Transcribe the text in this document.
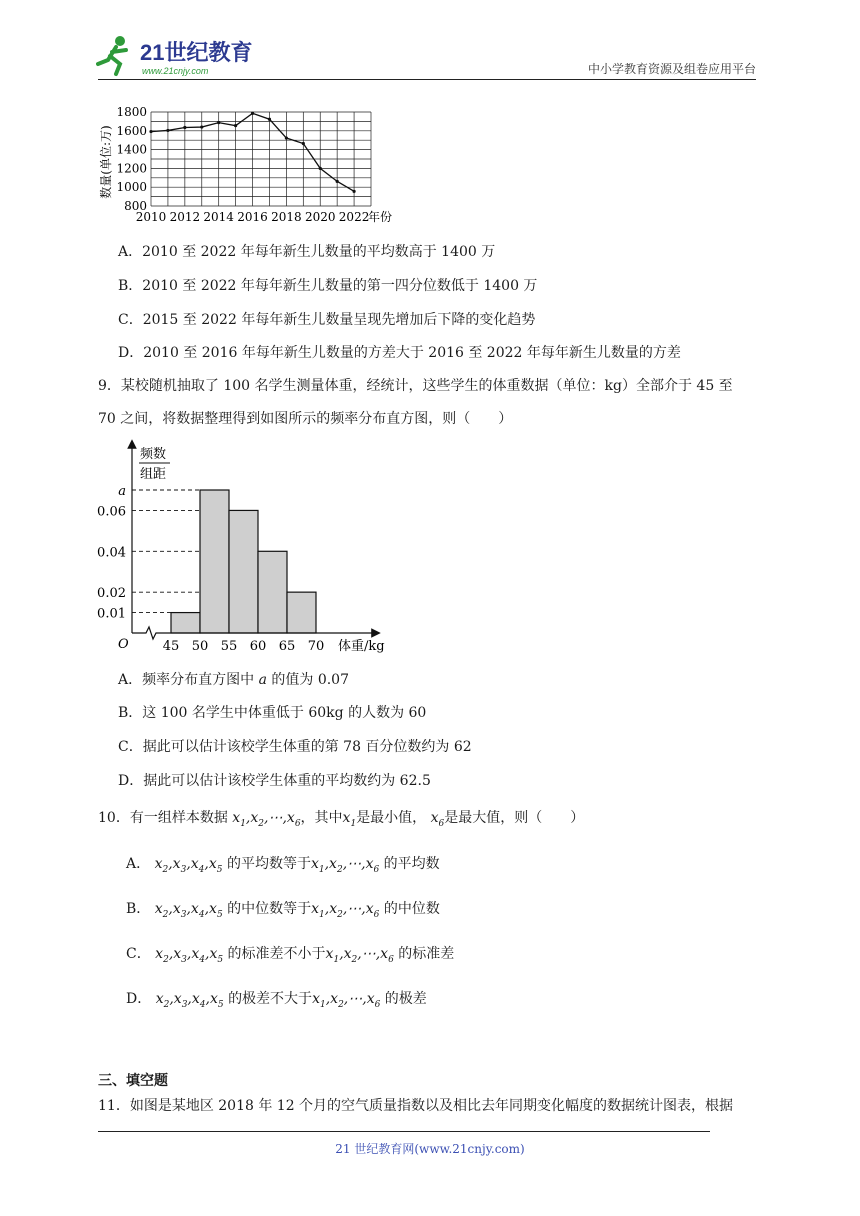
21世纪教育
www.21cnjy.com	中小学教育资源及组卷应用平台
800
1000
1200
1400
1600
1800
2010 2012 2014 2016 2018 2020 2022
数量(单位:万)
年份
A．2010 至 2022 年每年新生儿数量的平均数高于 1400 万
B．2010 至 2022 年每年新生儿数量的第一四分位数低于 1400 万
C．2015 至 2022 年每年新生儿数量呈现先增加后下降的变化趋势
D．2010 至 2016 年每年新生儿数量的方差大于 2016 至 2022 年每年新生儿数量的方差
9．某校随机抽取了 100 名学生测量体重，经统计，这些学生的体重数据（单位：kg）全部介于 45 至
70 之间，将数据整理得到如图所示的频率分布直方图，则（　　）
0.01
0.02
0.04
0.06
a
45 50 55 60 65 70
O
频数
组距
体重/kg
A．频率分布直方图中 a 的值为 0.07
B．这 100 名学生中体重低于 60kg 的人数为 60
C．据此可以估计该校学生体重的第 78 百分位数约为 62
D．据此可以估计该校学生体重的平均数约为 62.5
10．有一组样本数据 $x_1,x_2,\cdots,x_6$，其中$x_1$是最小值， $x_6$是最大值，则（　　）
A． $x_2,x_3,x_4,x_5$ 的平均数等于$x_1,x_2,\cdots,x_6$ 的平均数
B． $x_2,x_3,x_4,x_5$ 的中位数等于$x_1,x_2,\cdots,x_6$ 的中位数
C． $x_2,x_3,x_4,x_5$ 的标准差不小于$x_1,x_2,\cdots,x_6$ 的标准差
D． $x_2,x_3,x_4,x_5$ 的极差不大于$x_1,x_2,\cdots,x_6$ 的极差
三、填空题
11．如图是某地区 2018 年 12 个月的空气质量指数以及相比去年同期变化幅度的数据统计图表，根据
21 世纪教育网(www.21cnjy.com)
